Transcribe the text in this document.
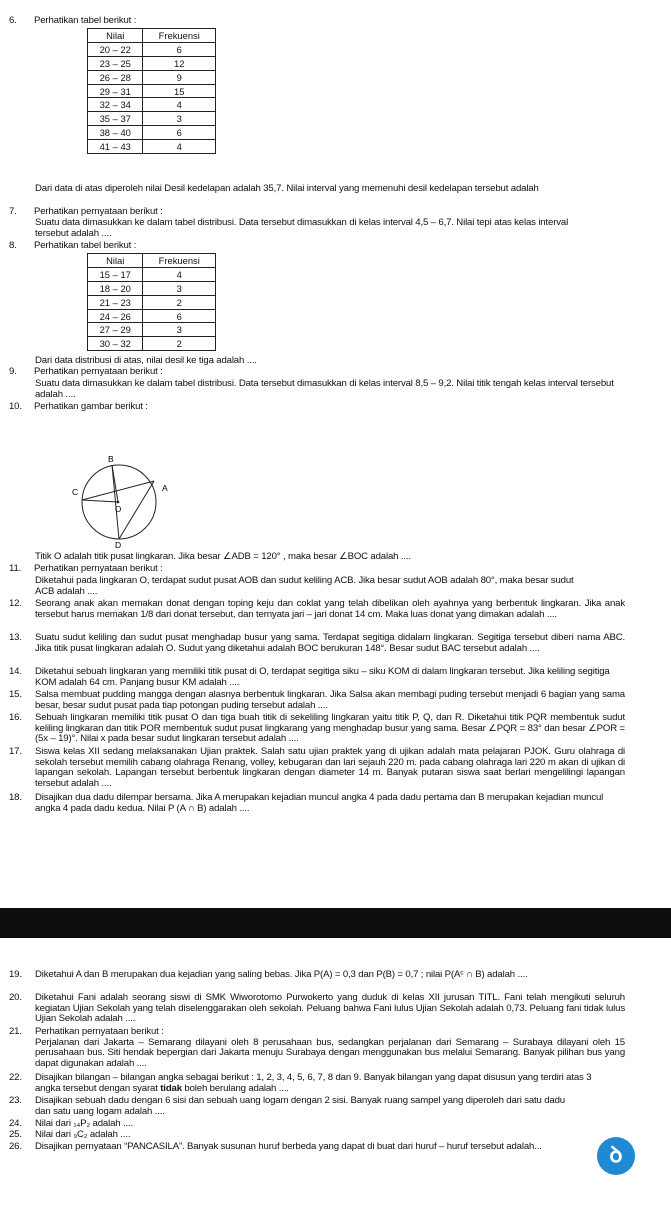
6. Perhatikan tabel berikut :
Nilai	Frekuensi
20 – 22	6
23 – 25	12
26 – 28	9
29 – 31	15
32 – 34	4
35 – 37	3
38 – 40	6
41 – 43	4
Dari data di atas diperoleh nilai Desil kedelapan adalah 35,7. Nilai interval yang memenuhi desil kedelapan tersebut adalah
7. Perhatikan pernyataan berikut :
Suatu data dimasukkan ke dalam tabel distribusi. Data tersebut dimasukkan di kelas interval 4,5 – 6,7. Nilai tepi atas kelas interval tersebut adalah ....
8. Perhatikan tabel berikut :
Nilai	Frekuensi
15 – 17	4
18 – 20	3
21 – 23	2
24 – 26	6
27 – 29	3
30 – 32	2
Dari data distribusi di atas, nilai desil ke tiga adalah ....
9. Perhatikan pernyataan berikut :
Suatu data dimasukkan ke dalam tabel distribusi. Data tersebut dimasukkan di kelas interval 8,5 – 9,2. Nilai titik tengah kelas interval tersebut adalah ....
10. Perhatikan gambar berikut :
B
C
O
A
D
Titik O adalah titik pusat lingkaran. Jika besar ∠ADB = 120° , maka besar ∠BOC adalah ....
11. Perhatikan pernyataan berikut :
Diketahui pada lingkaran O, terdapat sudut pusat AOB dan sudut keliling ACB. Jika besar sudut AOB adalah 80°, maka besar sudut ACB adalah ....
12. Seorang anak akan memakan donat dengan toping keju dan coklat yang telah dibelikan oleh ayahnya yang berbentuk lingkaran. Jika anak tersebut harus memakan 1/8 dari donat tersebut, dan ternyata jari – jari donat 14 cm. Maka luas donat yang dimakan adalah ....
13. Suatu sudut keliling dan sudut pusat menghadap busur yang sama. Terdapat segitiga didalam lingkaran. Segitiga tersebut diberi nama ABC. Jika titik pusat lingkaran adalah O. Sudut yang diketahui adalah BOC berukuran 148°. Besar sudut BAC tersebut adalah ....
14. Diketahui sebuah lingkaran yang memiliki titik pusat di O, terdapat segitiga siku – siku KOM di dalam lingkaran tersebut. Jika keliling segitiga KOM adalah 64 cm. Panjang busur KM adalah ....
15. Salsa membuat pudding mangga dengan alasnya berbentuk lingkaran. Jika Salsa akan membagi puding tersebut menjadi 6 bagian yang sama besar, besar sudut pusat pada tiap potongan puding tersebut adalah ....
16. Sebuah lingkaran memiliki titik pusat O dan tiga buah titik di sekeliling lingkaran yaitu titik P, Q, dan R. Diketahui titik PQR membentuk sudut keliling lingkaran dan titik POR membentuk sudut pusat lingkarang yang menghadap busur yang sama. Besar ∠PQR = 83° dan besar ∠POR = (5x – 19)°. Nilai x pada besar sudut lingkaran tersebut adalah ....
17. Siswa kelas XII sedang melaksanakan Ujian praktek. Salah satu ujian praktek yang di ujikan adalah mata pelajaran PJOK. Guru olahraga di sekolah tersebut memilih cabang olahraga Renang, volley, kebugaran dan lari sejauh 220 m. pada cabang olahraga lari 220 m akan di ujikan di lapangan sekolah. Lapangan tersebut berbentuk lingkaran dengan diameter 14 m. Banyak putaran siswa saat berlari mengelilingi lapangan tersebut adalah ....
18. Disajikan dua dadu dilempar bersama. Jika A merupakan kejadian muncul angka 4 pada dadu pertama dan B merupakan kejadian muncul angka 4 pada dadu kedua. Nilai P (A ∩ B) adalah ....
19. Diketahui A dan B merupakan dua kejadian yang saling bebas. Jika P(A) = 0,3 dan P(B) = 0,7 ; nilai P(Aᶜ ∩ B) adalah ....
20. Diketahui Fani adalah seorang siswi di SMK Wiworotomo Purwokerto yang duduk di kelas XII jurusan TITL. Fani telah mengikuti seluruh kegiatan Ujian Sekolah yang telah diselenggarakan oleh sekolah. Peluang bahwa Fani lulus Ujian Sekolah adalah 0,73. Peluang fani tidak lulus Ujian Sekolah adalah ....
21. Perhatikan pernyataan berikut :
Perjalanan dari Jakarta – Semarang dilayani oleh 8 perusahaan bus, sedangkan perjalanan dari Semarang – Surabaya dilayani oleh 15 perusahaan bus. Siti hendak bepergian dari Jakarta menuju Surabaya dengan menggunakan bus melalui Semarang. Banyak pilihan bus yang dapat digunakan adalah ....
22. Disajikan bilangan – bilangan angka sebagai berikut : 1, 2, 3, 4, 5, 6, 7, 8 dan 9. Banyak bilangan yang dapat disusun yang terdiri atas 3 angka tersebut dengan syarat tidak boleh berulang adalah ....
23. Disajikan sebuah dadu dengan 6 sisi dan sebuah uang logam dengan 2 sisi. Banyak ruang sampel yang diperoleh dari satu dadu dan satu uang logam adalah ....
24. Nilai dari ₁₄P₂ adalah ....
25. Nilai dari ₉C₂ adalah ....
26. Disajikan pernyataan “PANCASILA”. Banyak susunan huruf berbeda yang dapat di buat dari huruf – huruf tersebut adalah...	ꝺ
